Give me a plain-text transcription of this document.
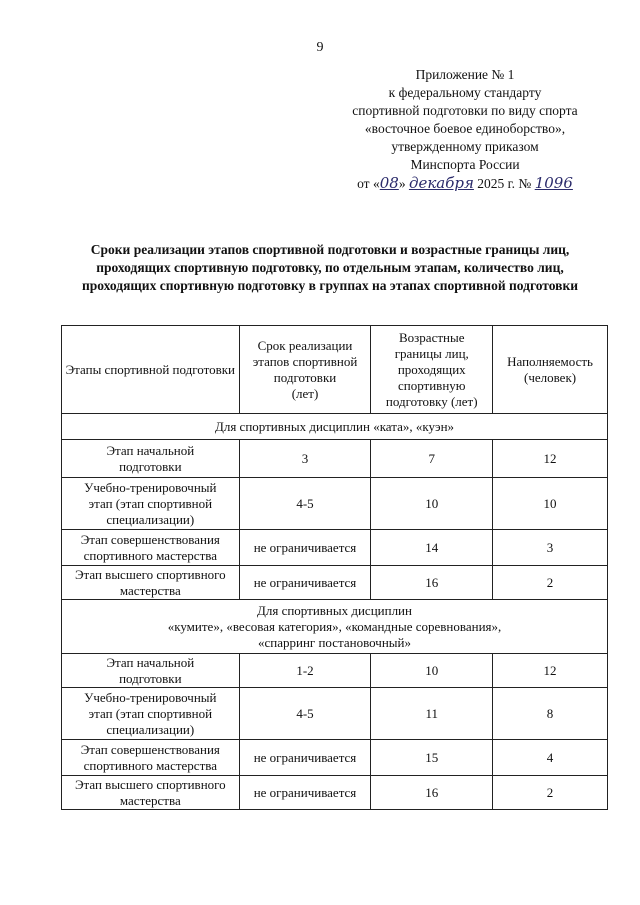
9
Приложение № 1
к федеральному стандарту
спортивной подготовки по виду спорта
«восточное боевое единоборство»,
утвержденному приказом
Минспорта России
от «08» декабря 2025 г. № 1096
Сроки реализации этапов спортивной подготовки и возрастные границы лиц, проходящих спортивную подготовку, по отдельным этапам, количество лиц, проходящих спортивную подготовку в группах на этапах спортивной подготовки
Этапы спортивной подготовки	Срок реализации
этапов спортивной
подготовки
(лет)	Возрастные
границы лиц,
проходящих
спортивную
подготовку (лет)	Наполняемость
(человек)

Для спортивных дисциплин «ката», «куэн»			

Этап начальной
подготовки	3	7	12

Учебно-тренировочный
этап (этап спортивной
специализации)	4-5	10	10

Этап совершенствования
спортивного мастерства	не ограничивается	14	3

Этап высшего спортивного
мастерства	не ограничивается	16	2

Для спортивных дисциплин
«кумите», «весовая категория», «командные соревнования»,
«спарринг постановочный»			

Этап начальной
подготовки	1-2	10	12

Учебно-тренировочный
этап (этап спортивной
специализации)	4-5	11	8

Этап совершенствования
спортивного мастерства	не ограничивается	15	4

Этап высшего спортивного
мастерства	не ограничивается	16	2
